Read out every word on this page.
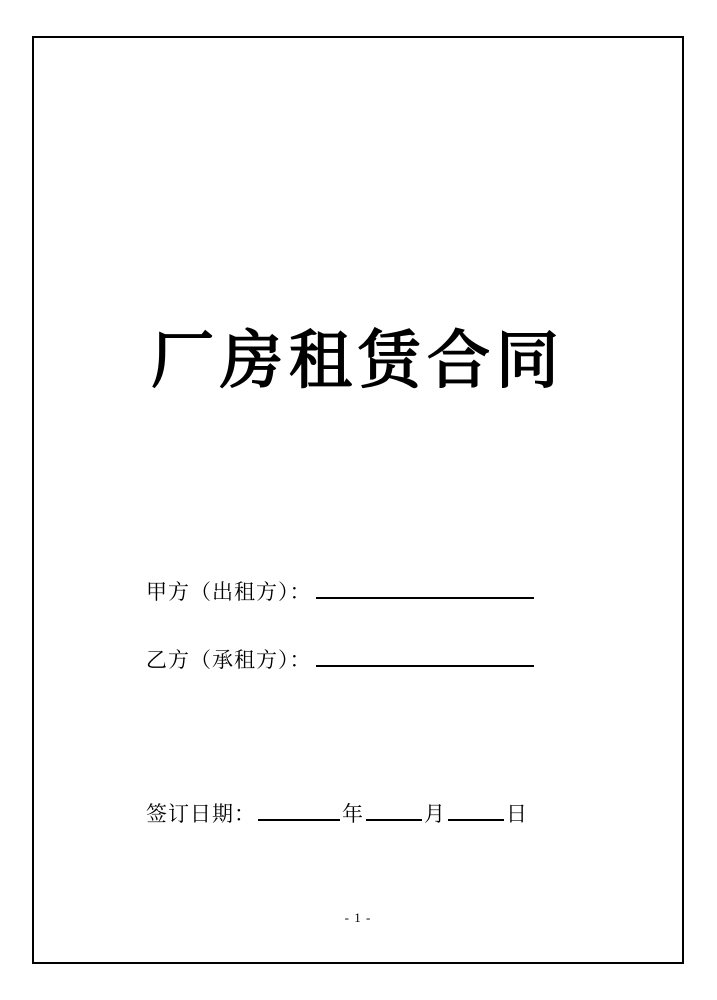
厂房租赁合同
甲方（出租方）：
乙方（承租方）：
签订日期：	年	月	日
- 1 -
